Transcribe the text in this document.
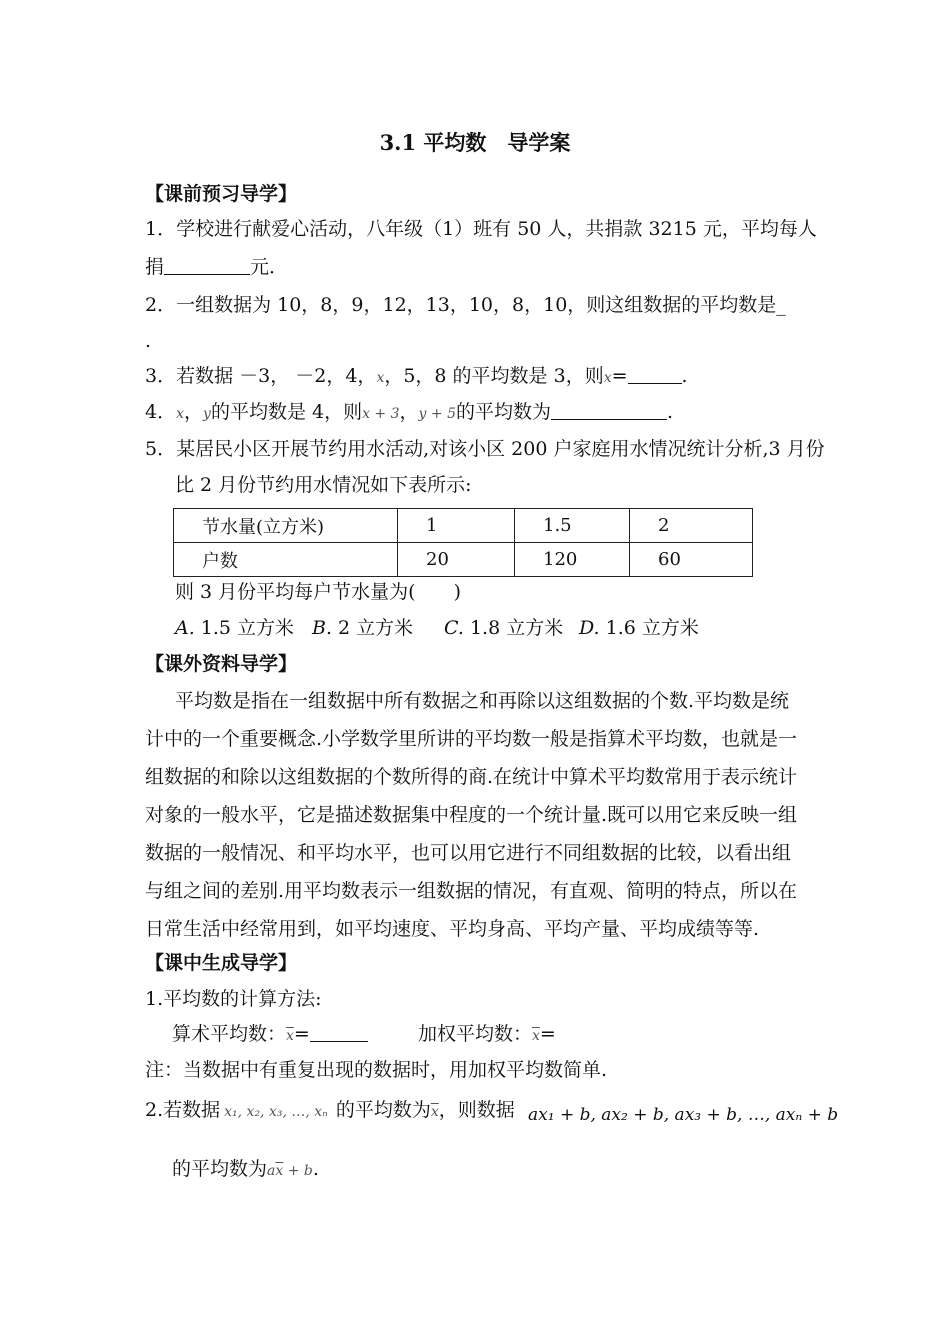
3.1 平均数　导学案
【课前预习导学】
1．学校进行献爱心活动，八年级（1）班有 50 人，共捐款 3215 元，平均每人
捐	元．
2．一组数据为 10，8，9，12，13，10，8，10，则这组数据的平均数是_
.
3．若数据 －3， －2，4，x，5，8 的平均数是 3，则x=	.
4．x，y的平均数是 4，则x + 3，y + 5的平均数为	.
5．某居民小区开展节约用水活动,对该小区 200 户家庭用水情况统计分析,3 月份
比 2 月份节约用水情况如下表所示:
节水量(立方米)	1	1.5	2
户数	20	120	60
则 3 月份平均每户节水量为(　　)
A. 1.5 立方米 B. 2 立方米 C. 1.8 立方米 D. 1.6 立方米
【课外资料导学】
平均数是指在一组数据中所有数据之和再除以这组数据的个数.平均数是统
计中的一个重要概念.小学数学里所讲的平均数一般是指算术平均数，也就是一
组数据的和除以这组数据的个数所得的商.在统计中算术平均数常用于表示统计
对象的一般水平，它是描述数据集中程度的一个统计量.既可以用它来反映一组
数据的一般情况、和平均水平，也可以用它进行不同组数据的比较，以看出组
与组之间的差别.用平均数表示一组数据的情况，有直观、简明的特点，所以在
日常生活中经常用到，如平均速度、平均身高、平均产量、平均成绩等等.
【课中生成导学】
1.平均数的计算方法:
算术平均数：$\overline{x}=$	加权平均数：$\overline{x}=$
注：当数据中有重复出现的数据时，用加权平均数简单.
2.若数据 x₁, x₂, x₃, …, xₙ 的平均数为$\overline{x}$，则数据 ax₁ + b, ax₂ + b, ax₃ + b, …, axₙ + b
的平均数为$a\overline{x} + b$.
